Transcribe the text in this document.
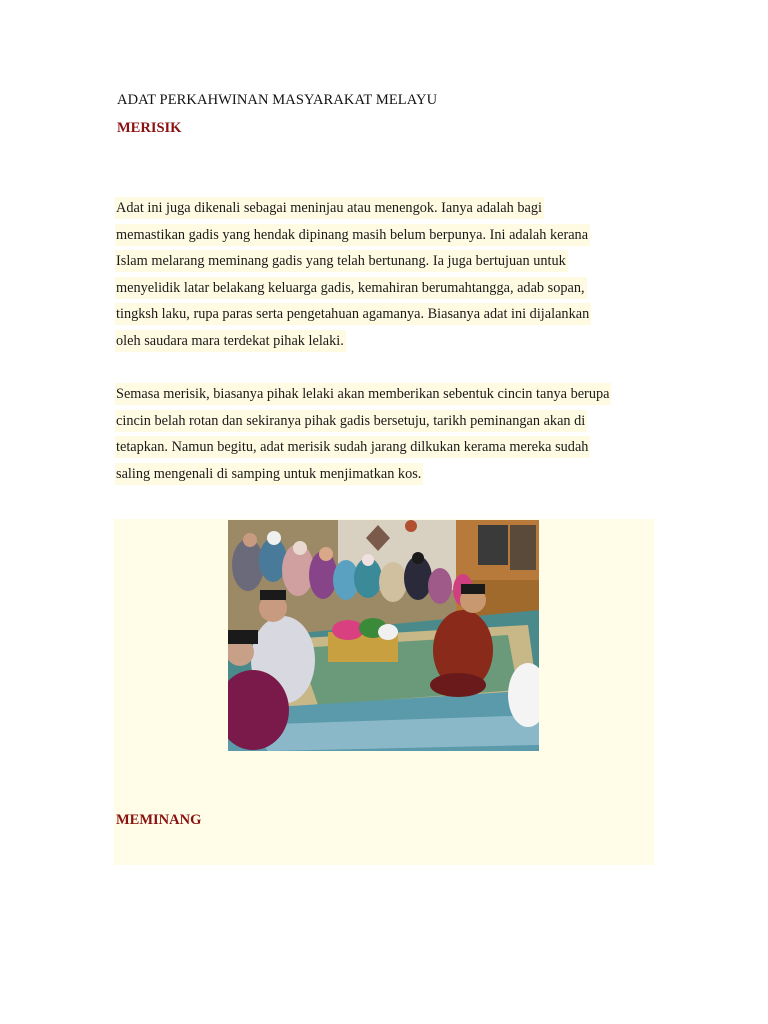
ADAT PERKAHWINAN MASYARAKAT MELAYU
MERISIK
Adat ini juga dikenali sebagai meninjau atau menengok. Ianya adalah bagi
memastikan gadis yang hendak dipinang masih belum berpunya. Ini adalah kerana
Islam melarang meminang gadis yang telah bertunang. Ia juga bertujuan untuk
menyelidik latar belakang keluarga gadis, kemahiran berumahtangga, adab sopan,
tingksh laku, rupa paras serta pengetahuan agamanya. Biasanya adat ini dijalankan
oleh saudara mara terdekat pihak lelaki.
Semasa merisik, biasanya pihak lelaki akan memberikan sebentuk cincin tanya berupa
cincin belah rotan dan sekiranya pihak gadis bersetuju, tarikh peminangan akan di
tetapkan. Namun begitu, adat merisik sudah jarang dilkukan kerama mereka sudah
saling mengenali di samping untuk menjimatkan kos.
MEMINANG
